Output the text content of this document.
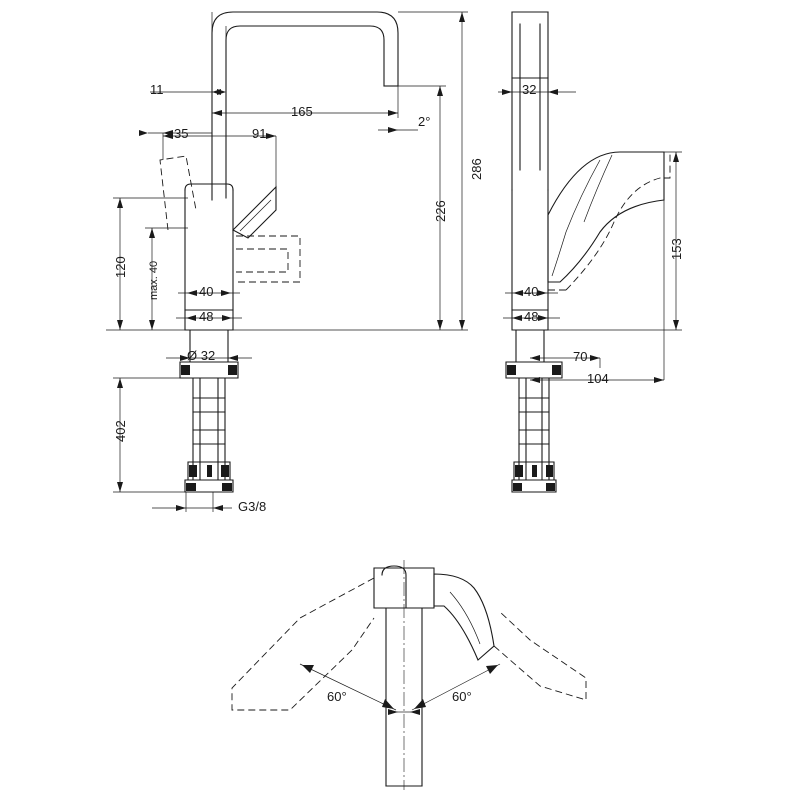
11
165
35	91
2°
286
226
120 max. 40	40
48
Ø 32
402
G3/8
32
153
40
48
70
104
60°	60°
